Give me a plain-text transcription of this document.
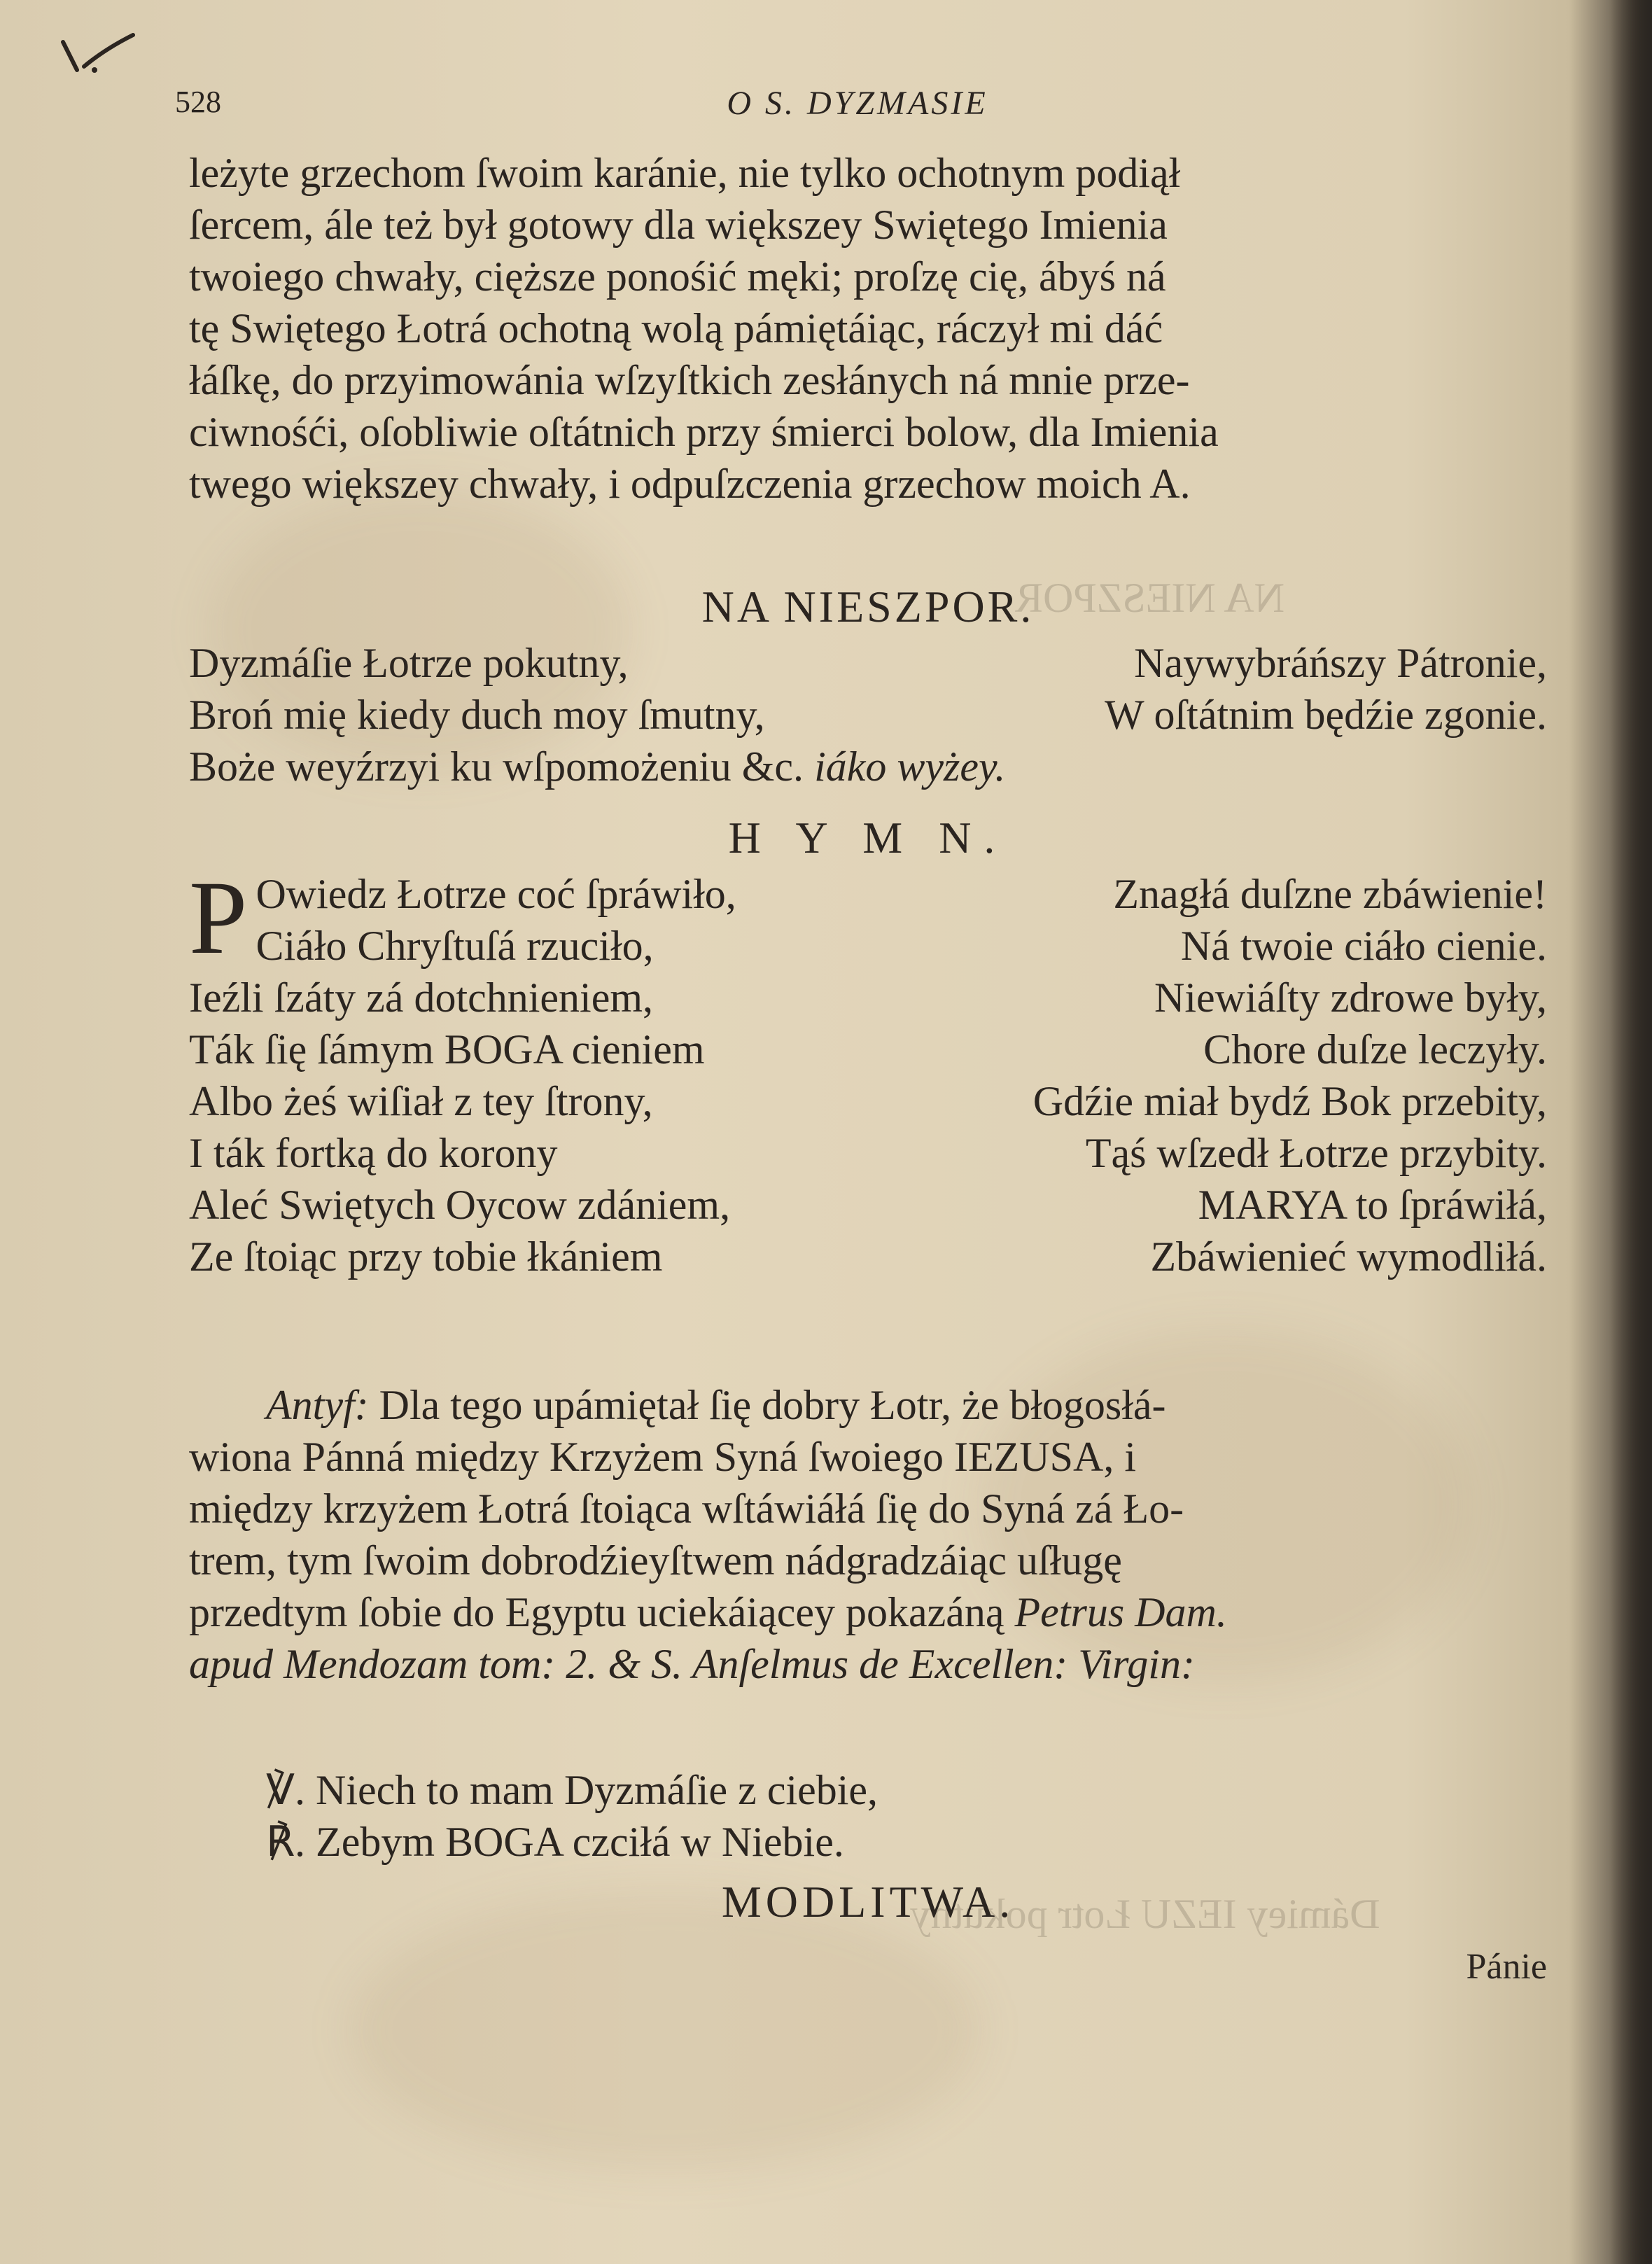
NA NIESZPOR
Dámiey IEZU Łotr pokutny
528	O S. DYZMASIE
leżyte grzechom ſwoim karánie, nie tylko ochotnym podiął
ſercem, ále też był gotowy dla większey Swiętego Imienia
twoiego chwały, cięższe ponośić męki; proſzę cię, ábyś ná
tę Swiętego Łotrá ochotną wolą pámiętáiąc, ráczył mi dáć
łáſkę, do przyimowánia wſzyſtkich zesłánych ná mnie prze-
ciwnośći, oſobliwie oſtátnich przy śmierci bolow, dla Imienia
twego większey chwały, i odpuſzczenia grzechow moich A.
NA NIESZPOR.
Dyzmáſie Łotrze pokutny,	Naywybráńszy Pátronie,
Broń mię kiedy duch moy ſmutny,	W oſtátnim będźie zgonie.
Boże weyźrzyi ku wſpomożeniu &c. iáko wyżey.
H Y M N.
P Owiedz Łotrze coć ſpráwiło,	Znagłá duſzne zbáwienie!
Ciáło Chryſtuſá rzuciło,	Ná twoie ciáło cienie.
Ieźli ſzáty zá dotchnieniem,	Niewiáſty zdrowe były,
Ták ſię ſámym BOGA cieniem	Chore duſze leczyły.
Albo żeś wiſiał z tey ſtrony,	Gdźie miał bydź Bok przebity,
I ták fortką do korony	Tąś wſzedł Łotrze przybity.
Aleć Swiętych Oycow zdániem,	MARYA to ſpráwiłá,
Ze ſtoiąc przy tobie łkániem	Zbáwienieć wymodliłá.
Antyf: Dla tego upámiętał ſię dobry Łotr, że błogosłá-
wiona Pánná między Krzyżem Syná ſwoiego IEZUSA, i
między krzyżem Łotrá ſtoiąca wſtáwiáłá ſię do Syná zá Ło-
trem, tym ſwoim dobrodźieyſtwem nádgradzáiąc uſługę
przedtym ſobie do Egyptu uciekáiącey pokazáną Petrus Dam.
apud Mendozam tom: 2. & S. Anſelmus de Excellen: Virgin:
℣. Niech to mam Dyzmáſie z ciebie,
℟. Zebym BOGA czciłá w Niebie.
MODLITWA.
Pánie
